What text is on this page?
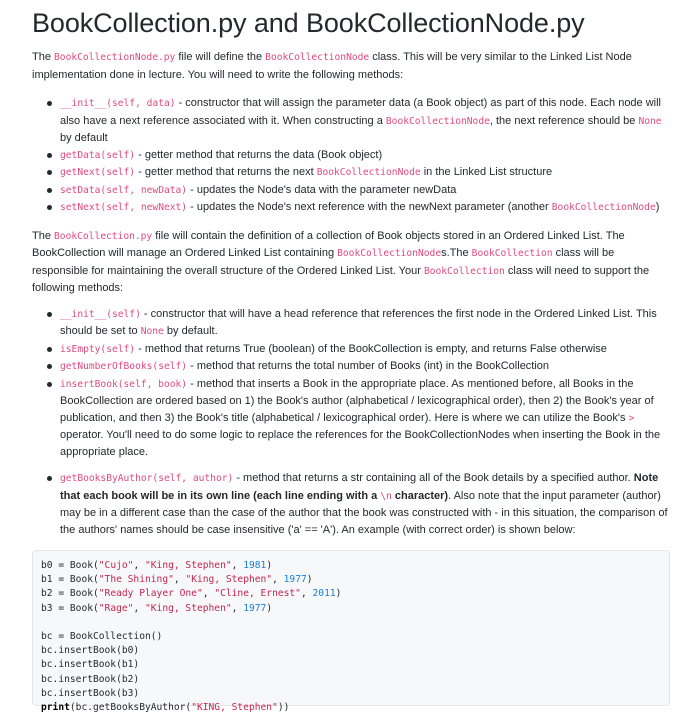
BookCollection.py and BookCollectionNode.py

The BookCollectionNode.py file will define the BookCollectionNode class. This will be very similar to the Linked List Node implementation done in lecture. You will need to write the following methods:

__init__(self, data) - constructor that will assign the parameter data (a Book object) as part of this node. Each node will also have a next reference associated with it. When constructing a BookCollectionNode, the next reference should be None by default
getData(self) - getter method that returns the data (Book object)
getNext(self) - getter method that returns the next BookCollectionNode in the Linked List structure
setData(self, newData) - updates the Node's data with the parameter newData
setNext(self, newNext) - updates the Node's next reference with the newNext parameter (another BookCollectionNode)

The BookCollection.py file will contain the definition of a collection of Book objects stored in an Ordered Linked List. The BookCollection will manage an Ordered Linked List containing BookCollectionNodes.The BookCollection class will be responsible for maintaining the overall structure of the Ordered Linked List. Your BookCollection class will need to support the following methods:

__init__(self) - constructor that will have a head reference that references the first node in the Ordered Linked List. This should be set to None by default.
isEmpty(self) - method that returns True (boolean) of the BookCollection is empty, and returns False otherwise
getNumberOfBooks(self) - method that returns the total number of Books (int) in the BookCollection
insertBook(self, book) - method that inserts a Book in the appropriate place. As mentioned before, all Books in the BookCollection are ordered based on 1) the Book's author (alphabetical / lexicographical order), then 2) the Book's year of publication, and then 3) the Book's title (alphabetical / lexicographical order). Here is where we can utilize the Book's > operator. You'll need to do some logic to replace the references for the BookCollectionNodes when inserting the Book in the appropriate place.
getBooksByAuthor(self, author) - method that returns a str containing all of the Book details by a specified author. Note that each book will be in its own line (each line ending with a \n character). Also note that the input parameter (author) may be in a different case than the case of the author that the book was constructed with - in this situation, the comparison of the authors' names should be case insensitive ('a' == 'A'). An example (with correct order) is shown below:
b0 = Book("Cujo", "King, Stephen", 1981)
b1 = Book("The Shining", "King, Stephen", 1977)
b2 = Book("Ready Player One", "Cline, Ernest", 2011)
b3 = Book("Rage", "King, Stephen", 1977)
bc = BookCollection()
bc.insertBook(b0)
bc.insertBook(b1)
bc.insertBook(b2)
bc.insertBook(b3)
print(bc.getBooksByAuthor("KING, Stephen"))
